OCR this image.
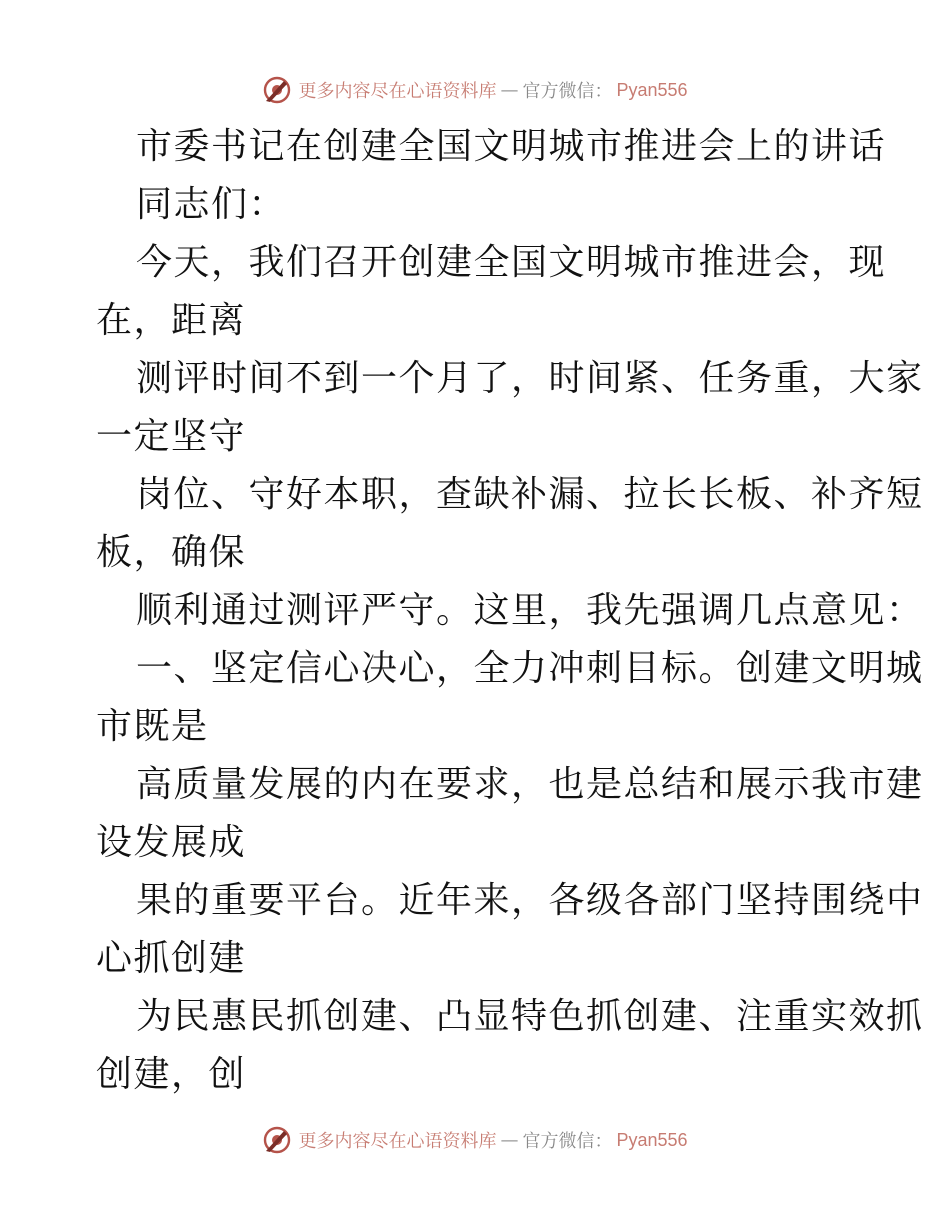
更多内容尽在心语资料库 — 官方微信： Pyan556
市委书记在创建全国文明城市推进会上的讲话
同志们：
今天，我们召开创建全国文明城市推进会，现
在，距离
测评时间不到一个月了，时间紧、任务重，大家
一定坚守
岗位、守好本职，查缺补漏、拉长长板、补齐短
板，确保
顺利通过测评严守。这里，我先强调几点意见：
一、坚定信心决心，全力冲刺目标。创建文明城
市既是
高质量发展的内在要求，也是总结和展示我市建
设发展成
果的重要平台。近年来，各级各部门坚持围绕中
心抓创建
为民惠民抓创建、凸显特色抓创建、注重实效抓
创建，创
更多内容尽在心语资料库 — 官方微信： Pyan556
